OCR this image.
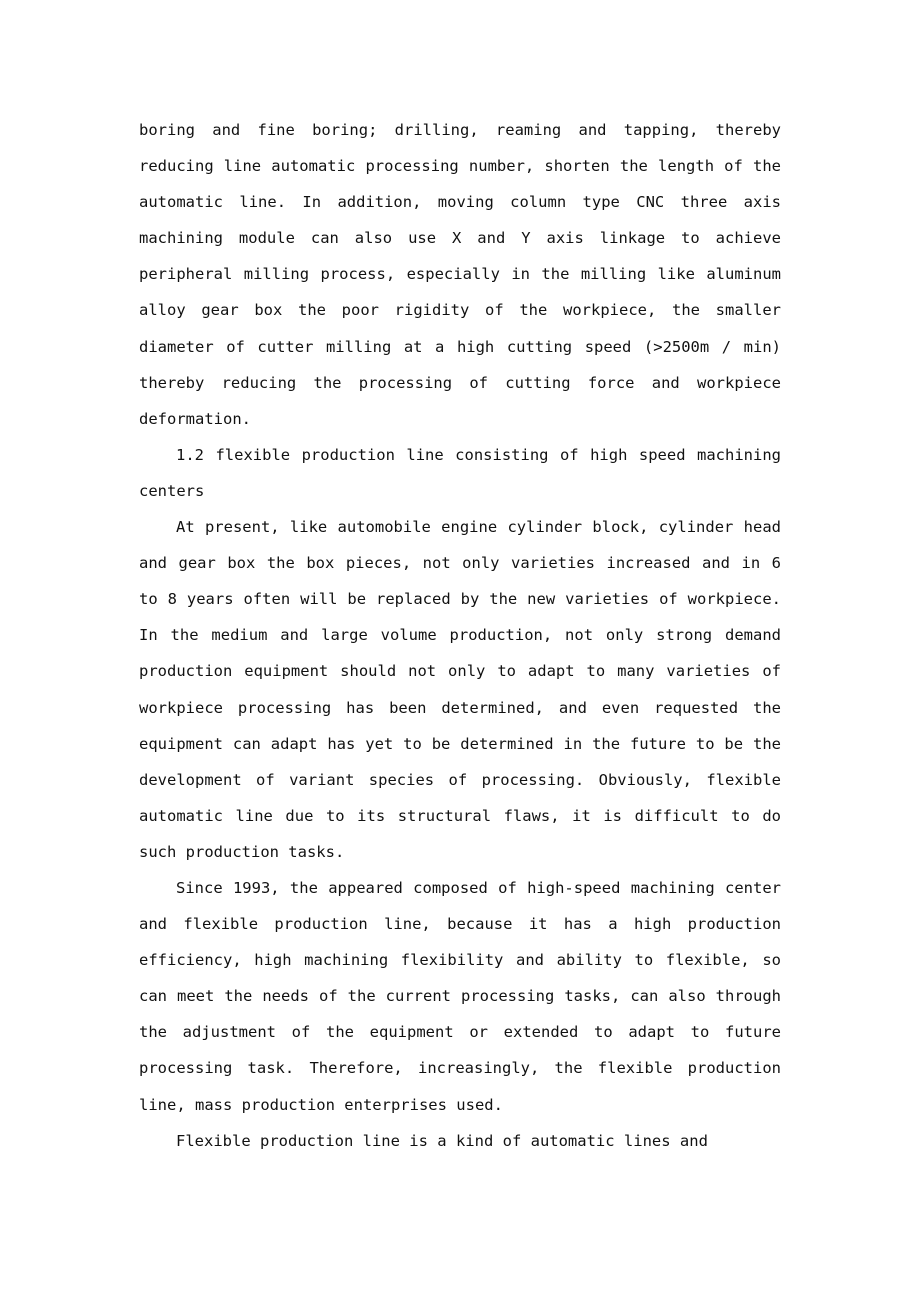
boring and fine boring; drilling, reaming and tapping, thereby reducing line automatic processing number, shorten the length of the automatic line. In addition, moving column type CNC three axis machining module can also use X and Y axis linkage to achieve peripheral milling process, especially in the milling like aluminum alloy gear box the poor rigidity of the workpiece, the smaller diameter of cutter milling at a high cutting speed (>2500m / min) thereby reducing the processing of cutting force and workpiece deformation.

1.2 flexible production line consisting of high speed machining centers

At present, like automobile engine cylinder block, cylinder head and gear box the box pieces, not only varieties increased and in 6 to 8 years often will be replaced by the new varieties of workpiece. In the medium and large volume production, not only strong demand production equipment should not only to adapt to many varieties of workpiece processing has been determined, and even requested the equipment can adapt has yet to be determined in the future to be the development of variant species of processing. Obviously, flexible automatic line due to its structural flaws, it is difficult to do such production tasks.

Since 1993, the appeared composed of high-speed machining center and flexible production line, because it has a high production efficiency, high machining flexibility and ability to flexible, so can meet the needs of the current processing tasks, can also through the adjustment of the equipment or extended to adapt to future processing task. Therefore, increasingly, the flexible production line, mass production enterprises used.

Flexible production line is a kind of automatic lines and
